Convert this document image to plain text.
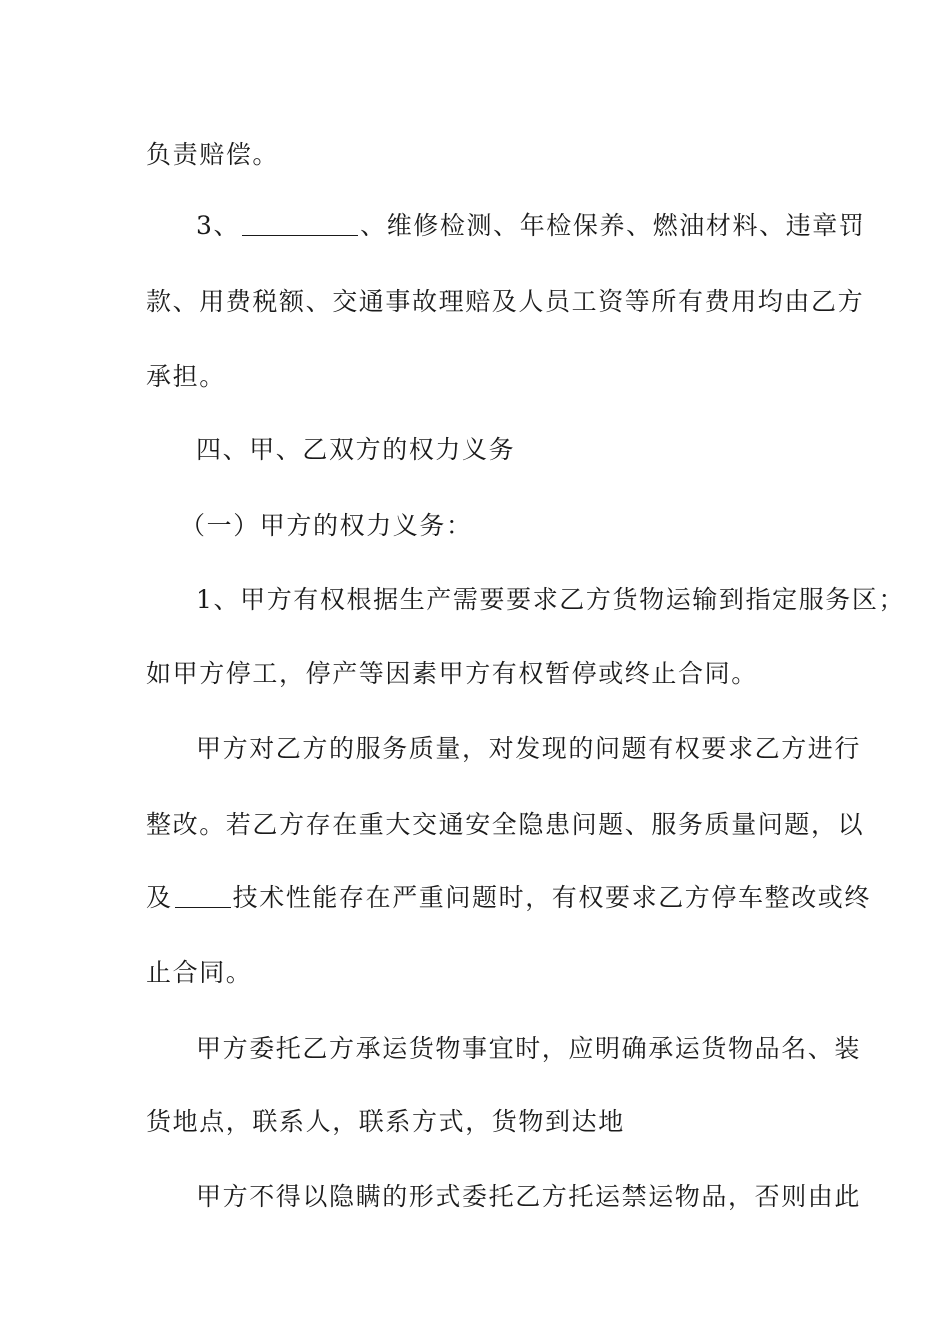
负责赔偿。

3、	、维修检测、年检保养、燃油材料、违章罚

款、用费税额、交通事故理赔及人员工资等所有费用均由乙方

承担。

四、甲、乙双方的权力义务

（一）甲方的权力义务：

1、甲方有权根据生产需要要求乙方货物运输到指定服务区；

如甲方停工，停产等因素甲方有权暂停或终止合同。

甲方对乙方的服务质量，对发现的问题有权要求乙方进行

整改。若乙方存在重大交通安全隐患问题、服务质量问题，以

及 技术性能存在严重问题时，有权要求乙方停车整改或终

止合同。

甲方委托乙方承运货物事宜时，应明确承运货物品名、装

货地点，联系人，联系方式，货物到达地

甲方不得以隐瞒的形式委托乙方托运禁运物品，否则由此
